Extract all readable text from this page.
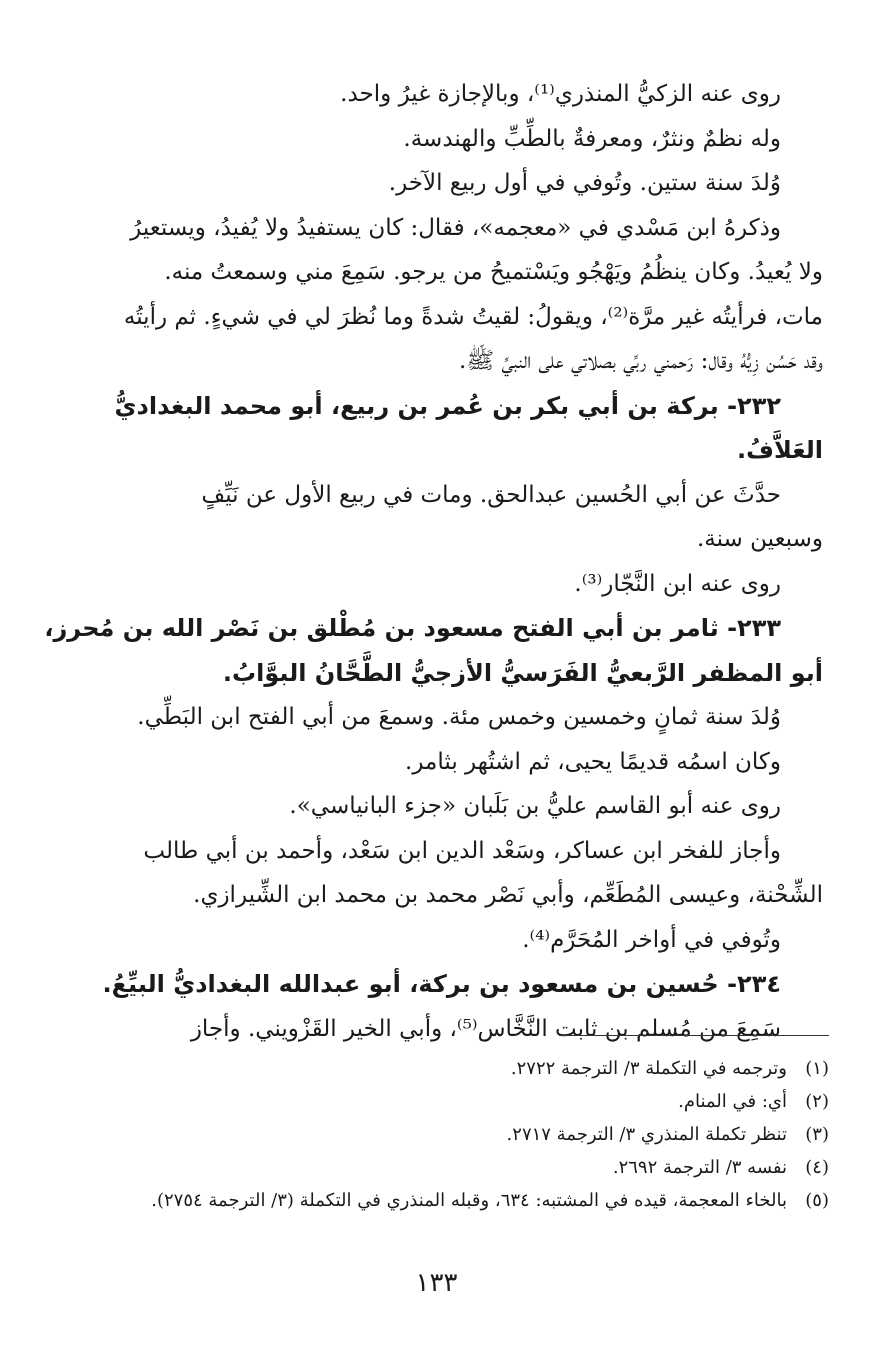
روى عنه الزكيُّ المنذري⁽¹⁾، وبالإجازة غيرُ واحد.
وله نظمٌ ونثرٌ، ومعرفةٌ بالطِّبِّ والهندسة.
وُلدَ سنة ستين. وتُوفي في أول ربيع الآخر.
وذكرهُ ابن مَسْدي في «معجمه»، فقال: كان يستفيدُ ولا يُفيدُ، ويستعيرُ
ولا يُعيدُ. وكان ينظُمُ ويَهْجُو ويَسْتميحُ من يرجو. سَمِعَ مني وسمعتُ منه.
مات، فرأيتُه غير مرَّة⁽²⁾، ويقولُ: لقيتُ شدةً وما نُظرَ لي في شيءٍ. ثم رأيتُه
وقد حَسُن زِيُّهُ وقال: رَحمني ربِّي بصلاتي على النبيِّ ﷺ.
٢٣٢- بركة بن أبي بكر بن عُمر بن ربيع، أبو محمد البغداديُّ
العَلاَّفُ.
حدَّثَ عن أبي الحُسين عبدالحق. ومات في ربيع الأول عن نَيِّفٍ
وسبعين سنة.
روى عنه ابن النَّجّار⁽³⁾.
٢٣٣- ثامر بن أبي الفتح مسعود بن مُطْلق بن نَصْر الله بن مُحرز،
أبو المظفر الرَّبعيُّ الفَرَسيُّ الأزجيُّ الطَّحَّانُ البوَّابُ.
وُلدَ سنة ثمانٍ وخمسين وخمس مئة. وسمعَ من أبي الفتح ابن البَطِّي.
وكان اسمُه قديمًا يحيى، ثم اشتُهر بثامر.
روى عنه أبو القاسم عليُّ بن بَلَبان «جزء البانياسي».
وأجاز للفخر ابن عساكر، وسَعْد الدين ابن سَعْد، وأحمد بن أبي طالب
الشِّحْنة، وعيسى المُطَعِّم، وأبي نَصْر محمد بن محمد ابن الشِّيرازي.
وتُوفي في أواخر المُحَرَّم⁽⁴⁾.
٢٣٤- حُسين بن مسعود بن بركة، أبو عبدالله البغداديُّ البيِّعُ.
سَمِعَ من مُسلم بن ثابت النَّخَّاس⁽⁵⁾، وأبي الخير القَزْويني. وأجاز
(١)
وترجمه في التكملة ٣/ الترجمة ٢٧٢٢.
(٢)
أي: في المنام.
(٣)
تنظر تكملة المنذري ٣/ الترجمة ٢٧١٧.
(٤)
نفسه ٣/ الترجمة ٢٦٩٢.
(٥)
بالخاء المعجمة، قيده في المشتبه: ٦٣٤، وقبله المنذري في التكملة (٣/ الترجمة ٢٧٥٤).
١٣٣
